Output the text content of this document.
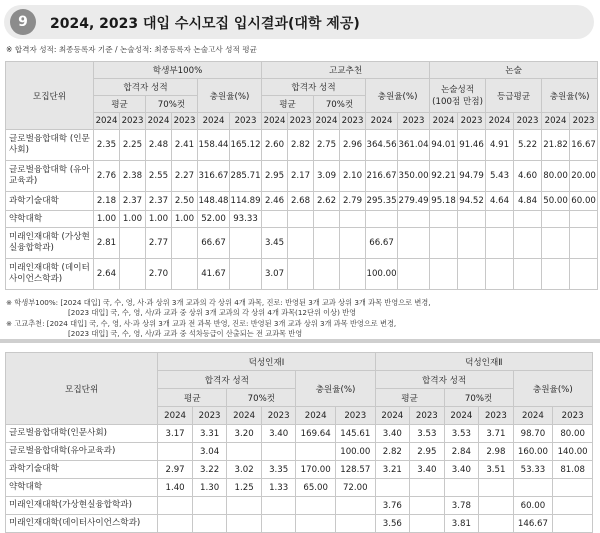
9	2024, 2023 대입 수시모집 입시결과(대학 제공)
※ 합격자 성적: 최종등록자 기준 / 논술성적: 최종등록자 논술고사 성적 평균
모집단위	학생부100%						고교추천						논술					
	합격자 성적				충원율(%)		합격자 성적				충원율(%)		논술성적 (100점 만점)		등급평균		충원율(%)	
	평균		70%컷				평균		70%컷									
	2024	2023	2024	2023	2024	2023	2024	2023	2024	2023	2024	2023	2024	2023	2024	2023	2024	2023
글로벌융합대학 (인문사회)	2.35	2.25	2.48	2.41	158.44	165.12	2.60	2.82	2.75	2.96	364.56	361.04	94.01	91.46	4.91	5.22	21.82	16.67
글로벌융합대학 (유아교육과)	2.76	2.38	2.55	2.27	316.67	285.71	2.95	2.17	3.09	2.10	216.67	350.00	92.21	94.79	5.43	4.60	80.00	20.00
과학기술대학	2.18	2.37	2.37	2.50	148.48	114.89	2.46	2.68	2.62	2.79	295.35	279.49	95.18	94.52	4.64	4.84	50.00	60.00
약학대학	1.00	1.00	1.00	1.00	52.00	93.33												
미래인재대학 (가상현실융합학과)	2.81		2.77		66.67		3.45				66.67							
미래인재대학 (데이터사이언스학과)	2.64		2.70		41.67		3.07				100.00							
※ 학생부100%: [2024 대입] 국, 수, 영, 사·과 상위 3개 교과의 각 상위 4개 과목, 진로: 반영된 3개 교과 상위 3개 과목 반영으로 변경,
[2023 대입] 국, 수, 영, 사/과 교과 중 상위 3개 교과의 각 상위 4개 과목(12단위 이상) 반영
※ 고교추천: [2024 대입] 국, 수, 영, 사·과 상위 3개 교과 전 과목 반영, 진로: 반영된 3개 교과 상위 3개 과목 반영으로 변경,
[2023 대입] 국, 수, 영, 사/과 교과 중 석차등급이 산출되는 전 교과목 반영
모집단위	덕성인재Ⅰ						덕성인재Ⅱ					
	합격자 성적				충원율(%)		합격자 성적				충원율(%)	
	평균		70%컷				평균		70%컷			
	2024	2023	2024	2023	2024	2023	2024	2023	2024	2023	2024	2023
글로벌융합대학(인문사회)	3.17	3.31	3.20	3.40	169.64	145.61	3.40	3.53	3.53	3.71	98.70	80.00
글로벌융합대학(유아교육과)		3.04				100.00	2.82	2.95	2.84	2.98	160.00	140.00
과학기술대학	2.97	3.22	3.02	3.35	170.00	128.57	3.21	3.40	3.40	3.51	53.33	81.08
약학대학	1.40	1.30	1.25	1.33	65.00	72.00						
미래인재대학(가상현실융합학과)							3.76		3.78		60.00	
미래인재대학(데이터사이언스학과)							3.56		3.81		146.67	
